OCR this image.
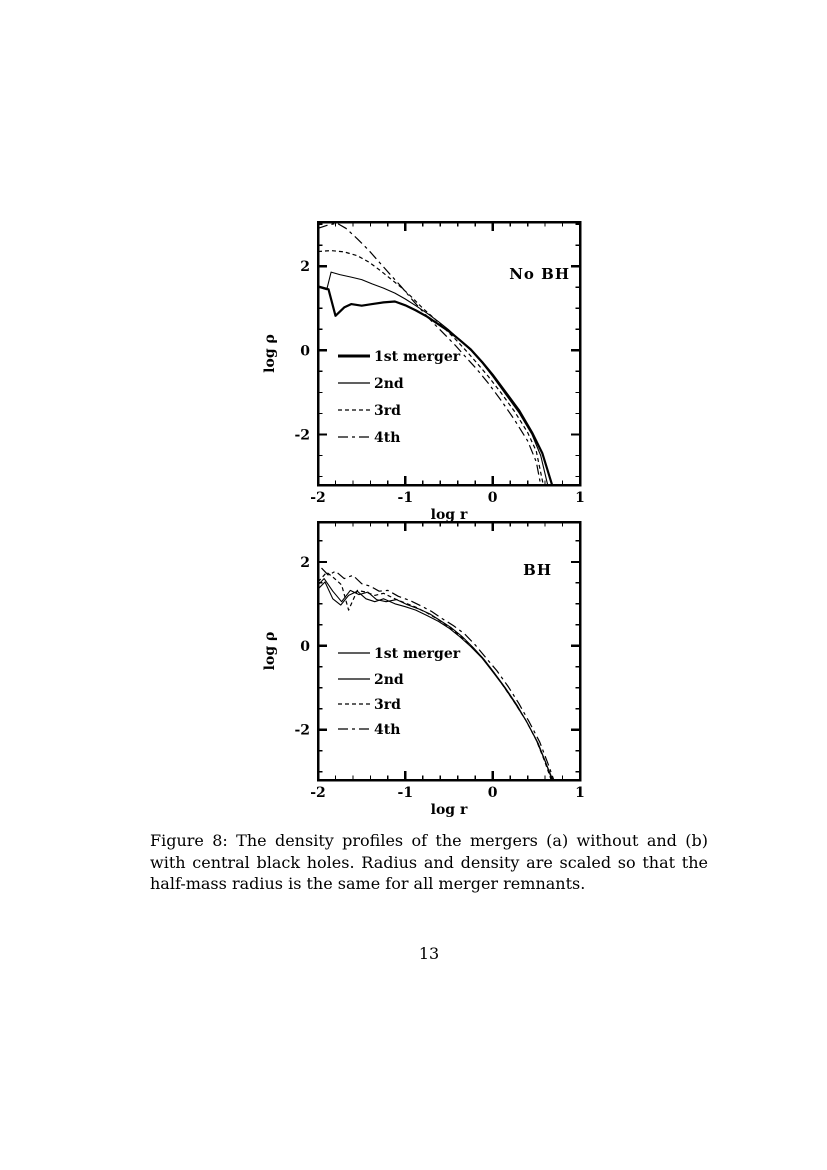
-2	-1	0	1
-2
0
2
log r
log ρ	1st merger
2nd
3rd
4th
No BH
-2	-1	0	1
-2
0
2
log r
log ρ	1st merger
2nd
3rd
4th
BH
Figure 8: The density profiles of the mergers (a) without and (b) with central black holes. Radius and density are scaled so that the half-mass radius is the same for all merger remnants.
13
